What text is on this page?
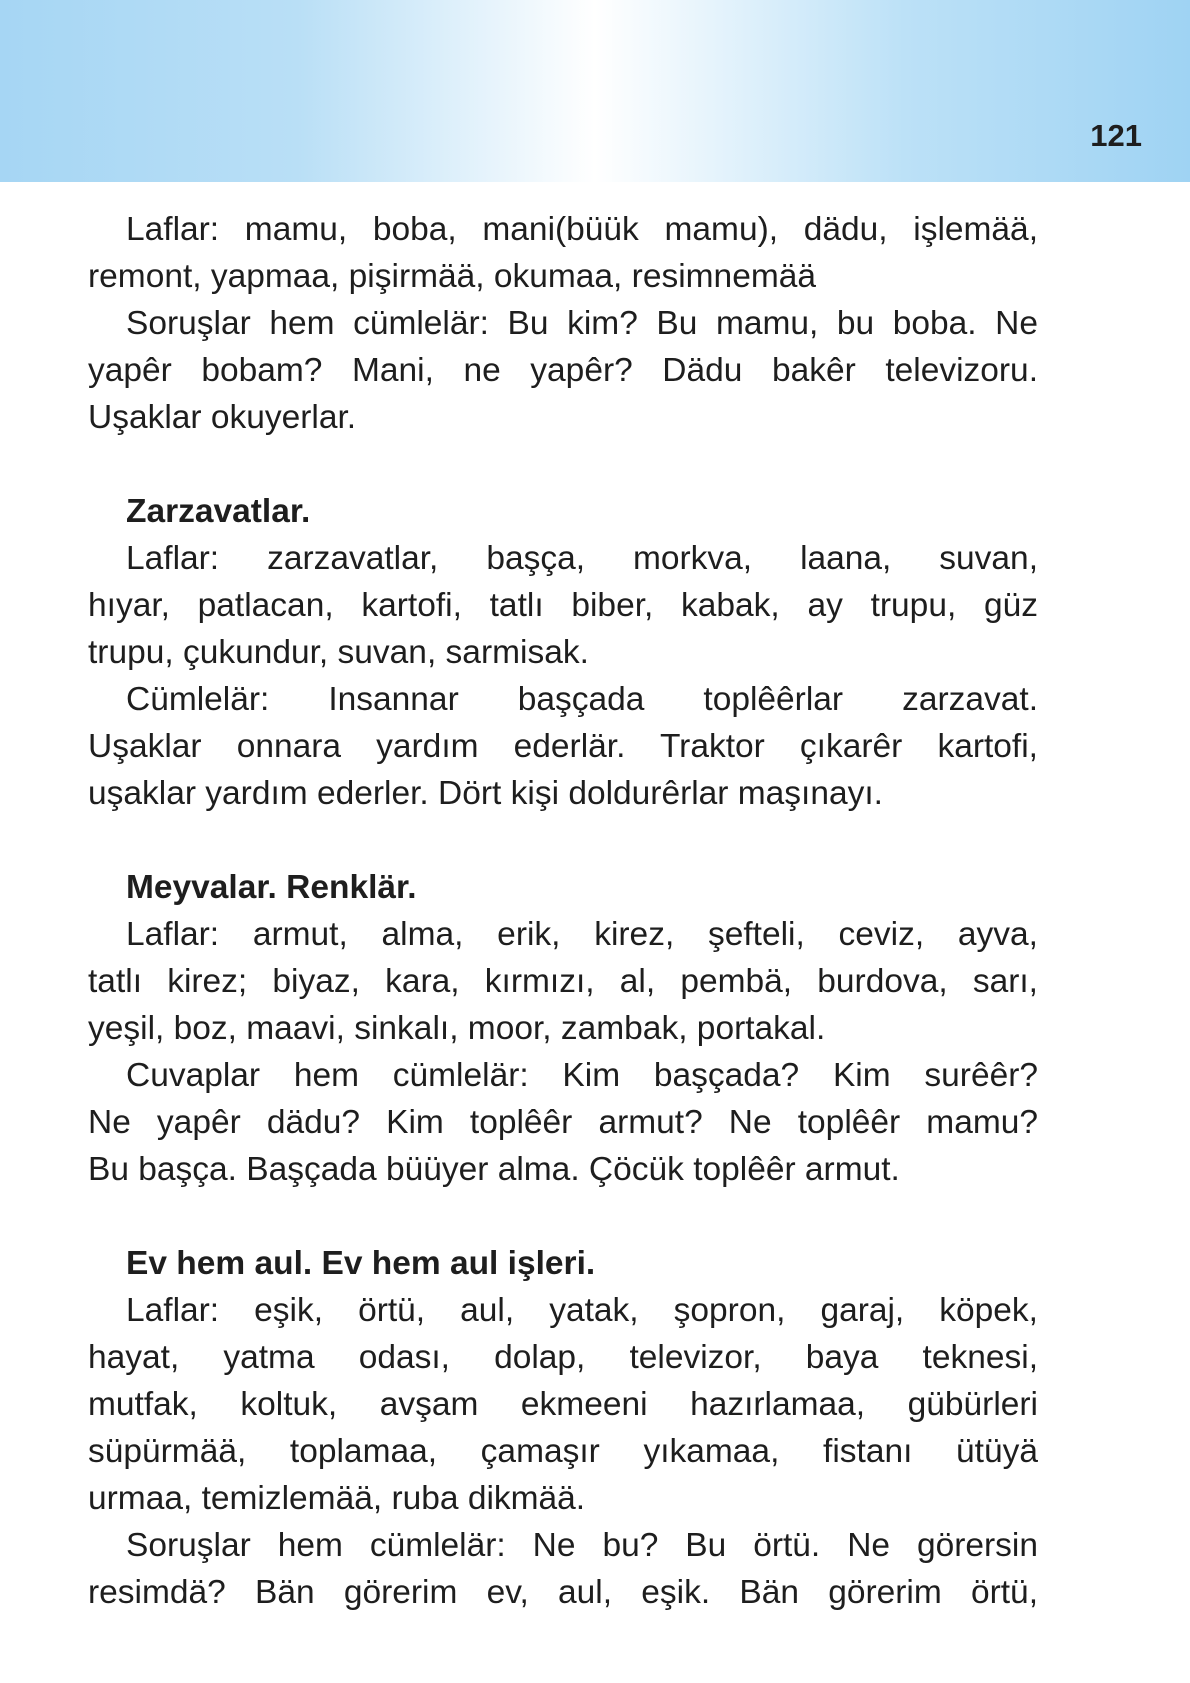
121
Laflar: mamu, boba, mani(büük mamu), dädu, işlemää,
remont, yapmaa, pişirmää, okumaa, resimnemää
Soruşlar hem cümlelär: Bu kim? Bu mamu, bu boba. Ne
yapêr bobam? Mani, ne yapêr? Dädu bakêr televizoru.
Uşaklar okuyerlar.
Zarzavatlar.
Laflar: zarzavatlar, başça, morkva, laana, suvan,
hıyar, patlacan, kartofi, tatlı biber, kabak, ay trupu, güz
trupu, çukundur, suvan, sarmisak.
Cümlelär: Insannar başçada toplêêrlar zarzavat.
Uşaklar onnara yardım ederlär. Traktor çıkarêr kartofi,
uşaklar yardım ederler. Dört kişi doldurêrlar maşınayı.
Meyvalar. Renklär.
Laflar: armut, alma, erik, kirez, şefteli, ceviz, ayva,
tatlı kirez; biyaz, kara, kırmızı, al, pembä, burdova, sarı,
yeşil, boz, maavi, sinkalı, moor, zambak, portakal.
Cuvaplar hem cümlelär: Kim başçada? Kim surêêr?
Ne yapêr dädu? Kim toplêêr armut? Ne toplêêr mamu?
Bu başça. Başçada büüyer alma. Çöcük toplêêr armut.
Ev hem aul. Ev hem aul işleri.
Laflar: eşik, örtü, aul, yatak, şopron, garaj, köpek,
hayat, yatma odası, dolap, televizor, baya teknesi,
mutfak, koltuk, avşam ekmeeni hazırlamaa, gübürleri
süpürmää, toplamaa, çamaşır yıkamaa, fistanı ütüyä
urmaa, temizlemää, ruba dikmää.
Soruşlar hem cümlelär: Ne bu? Bu örtü. Ne görersin
resimdä? Bän görerim ev, aul, eşik. Bän görerim örtü,
